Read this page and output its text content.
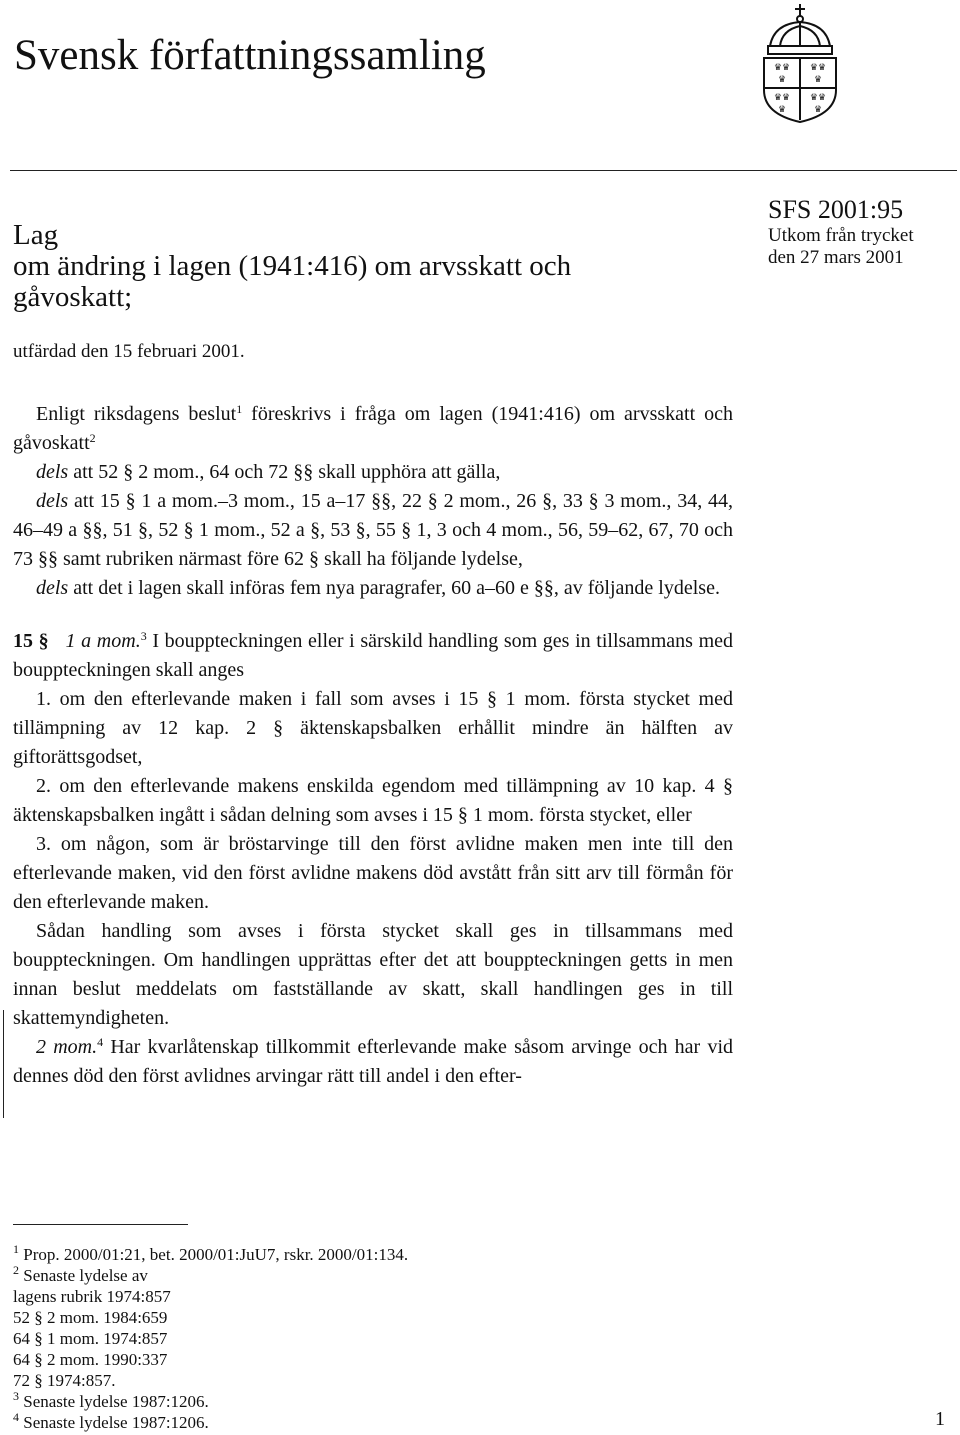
Svensk författningssamling	♛♛
♛
♛♛
♛
♛♛
♛
♛♛
♛
Lag
om ändring i lagen (1941:416) om arvsskatt och
gåvoskatt;
SFS 2001:95
Utkom från trycket
den 27 mars 2001
utfärdad den 15 februari 2001.

Enligt riksdagens beslut$^1$ föreskrivs i fråga om lagen (1941:416) om arvsskatt och gåvoskatt$^2$

dels att 52 § 2 mom., 64 och 72 §§ skall upphöra att gälla,

dels att 15 § 1 a mom.–3 mom., 15 a–17 §§, 22 § 2 mom., 26 §, 33 § 3 mom., 34, 44, 46–49 a §§, 51 §, 52 § 1 mom., 52 a §, 53 §, 55 § 1, 3 och 4 mom., 56, 59–62, 67, 70 och 73 §§ samt rubriken närmast före 62 § skall ha följande lydelse,

dels att det i lagen skall införas fem nya paragrafer, 60 a–60 e §§, av följande lydelse.

15 § 1 a mom.$^3$ I bouppteckningen eller i särskild handling som ges in tillsammans med bouppteckningen skall anges

1. om den efterlevande maken i fall som avses i 15 § 1 mom. första stycket med tillämpning av 12 kap. 2 § äktenskapsbalken erhållit mindre än hälften av giftorättsgodset,

2. om den efterlevande makens enskilda egendom med tillämpning av 10 kap. 4 § äktenskapsbalken ingått i sådan delning som avses i 15 § 1 mom. första stycket, eller

3. om någon, som är bröstarvinge till den först avlidne maken men inte till den efterlevande maken, vid den först avlidne makens död avstått från sitt arv till förmån för den efterlevande maken.

Sådan handling som avses i första stycket skall ges in tillsammans med bouppteckningen. Om handlingen upprättas efter det att bouppteckningen getts in men innan beslut meddelats om fastställande av skatt, skall handlingen ges in till skattemyndigheten.

2 mom.$^4$ Har kvarlåtenskap tillkommit efterlevande make såsom arvinge och har vid dennes död den först avlidnes arvingar rätt till andel i den efter-

$^1$ Prop. 2000/01:21, bet. 2000/01:JuU7, rskr. 2000/01:134.
$^2$ Senaste lydelse av
lagens rubrik 1974:857
52 § 2 mom. 1984:659
64 § 1 mom. 1974:857
64 § 2 mom. 1990:337
72 § 1974:857.
$^3$ Senaste lydelse 1987:1206.
$^4$ Senaste lydelse 1987:1206.	1
